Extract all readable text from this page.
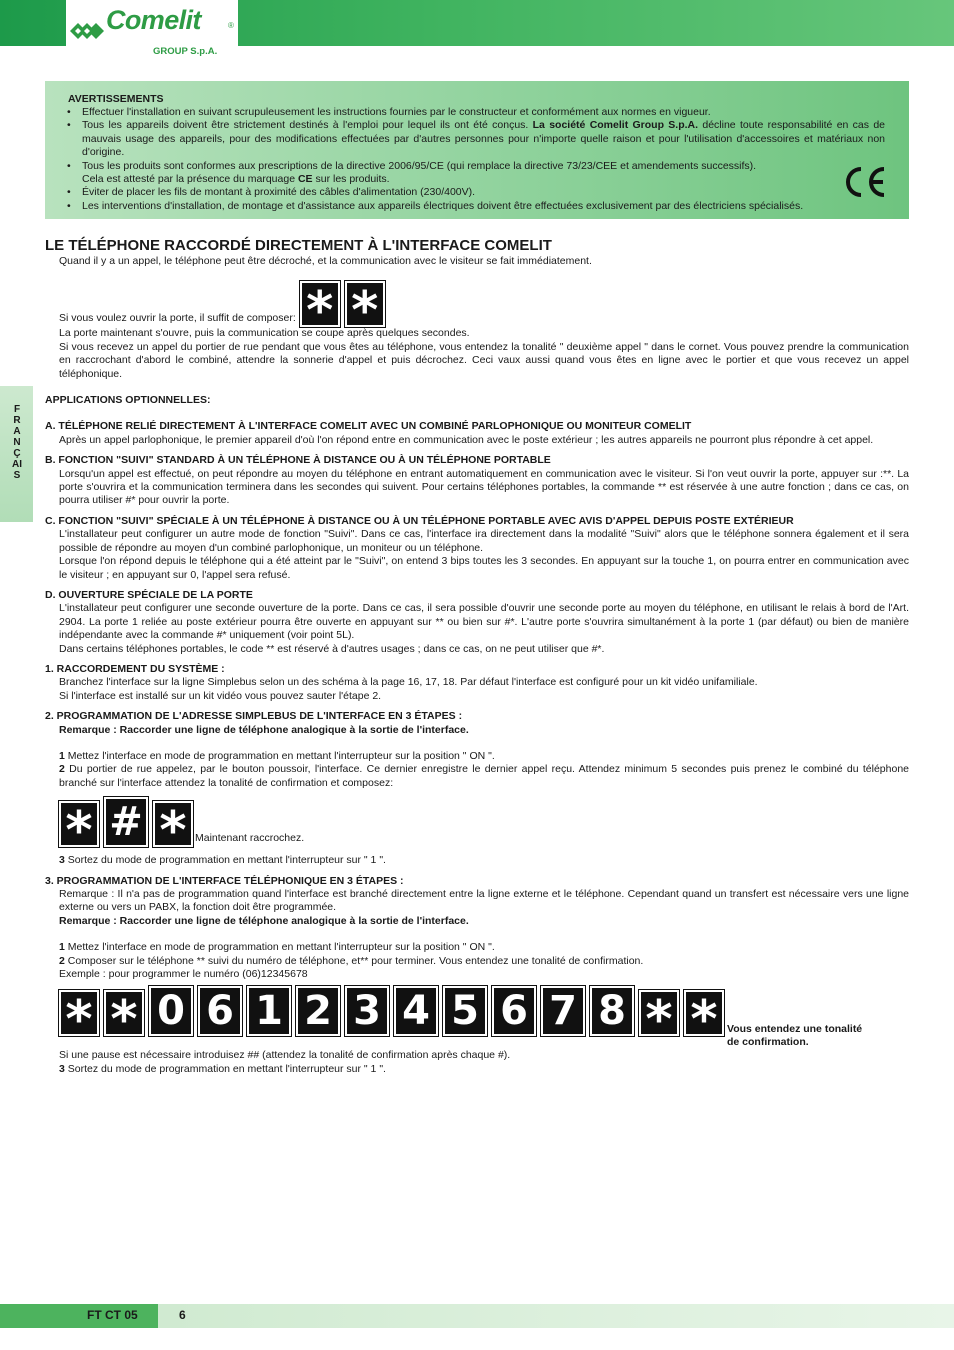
Comelit	®
GROUP S.p.A.
AVERTISSEMENTS
• Effectuer l'installation en suivant scrupuleusement les instructions fournies par le constructeur et conformément aux normes en vigueur.
• Tous les appareils doivent être strictement destinés à l'emploi pour lequel ils ont été conçus. La société Comelit Group S.p.A. décline toute responsabilité en cas de mauvais usage des appareils, pour des modifications effectuées par d'autres personnes pour n'importe quelle raison et pour l'utilisation d'accessoires et matériaux non d'origine.
• Tous les produits sont conformes aux prescriptions de la directive 2006/95/CE (qui remplace la directive 73/23/CEE et amendements successifs).
Cela est attesté par la présence du marquage CE sur les produits.
• Éviter de placer les fils de montant à proximité des câbles d'alimentation (230/400V).
• Les interventions d'installation, de montage et d'assistance aux appareils électriques doivent être effectuées exclusivement par des électriciens spécialisés.
FRANÇAIS
LE TÉLÉPHONE RACCORDÉ DIRECTEMENT À L'INTERFACE COMELIT
Quand il y a un appel, le téléphone peut être décroché, et la communication avec le visiteur se fait immédiatement.
Si vous voulez ouvrir la porte, il suffit de composer: * *
La porte maintenant s'ouvre, puis la communication se coupe après quelques secondes.
Si vous recevez un appel du portier de rue pendant que vous êtes au téléphone, vous entendez la tonalité " deuxième appel " dans le cornet. Vous pouvez prendre la communication en raccrochant d'abord le combiné, attendre la sonnerie d'appel et puis décrochez. Ceci vaux aussi quand vous êtes en ligne avec le portier et que vous recevez un appel téléphonique.
APPLICATIONS OPTIONNELLES:
A. TÉLÉPHONE RELIÉ DIRECTEMENT À L'INTERFACE COMELIT AVEC UN COMBINÉ PARLOPHONIQUE OU MONITEUR COMELIT
Après un appel parlophonique, le premier appareil d'où l'on répond entre en communication avec le poste extérieur ; les autres appareils ne pourront plus répondre à cet appel.
B. FONCTION "SUIVI" STANDARD À UN TÉLÉPHONE À DISTANCE OU À UN TÉLÉPHONE PORTABLE
Lorsqu'un appel est effectué, on peut répondre au moyen du téléphone en entrant automatiquement en communication avec le visiteur. Si l'on veut ouvrir la porte, appuyer sur :**. La porte s'ouvrira et la communication terminera dans les secondes qui suivent. Pour certains téléphones portables, la commande ** est réservée à une autre fonction ; dans ce cas, on pourra utiliser #* pour ouvrir la porte.
C. FONCTION "SUIVI" SPÉCIALE À UN TÉLÉPHONE À DISTANCE OU À UN TÉLÉPHONE PORTABLE AVEC AVIS D'APPEL DEPUIS POSTE EXTÉRIEUR
L'installateur peut configurer un autre mode de fonction "Suivi". Dans ce cas, l'interface ira directement dans la modalité "Suivi" alors que le téléphone sonnera également et il sera possible de répondre au moyen d'un combiné parlophonique, un moniteur ou un téléphone.
Lorsque l'on répond depuis le téléphone qui a été atteint par le "Suivi", on entend 3 bips toutes les 3 secondes. En appuyant sur la touche 1, on pourra entrer en communication avec le visiteur ; en appuyant sur 0, l'appel sera refusé.
D. OUVERTURE SPÉCIALE DE LA PORTE
L'installateur peut configurer une seconde ouverture de la porte. Dans ce cas, il sera possible d'ouvrir une seconde porte au moyen du téléphone, en utilisant le relais à bord de l'Art. 2904. La porte 1 reliée au poste extérieur pourra être ouverte en appuyant sur ** ou bien sur #*. L'autre porte s'ouvrira simultanément à la porte 1 (par défaut) ou bien de manière indépendante avec la commande #* uniquement (voir point 5L).
Dans certains téléphones portables, le code ** est réservé à d'autres usages ; dans ce cas, on ne peut utiliser que #*.
1. RACCORDEMENT DU SYSTÈME :
Branchez l'interface sur la ligne Simplebus selon un des schéma à la page 16, 17, 18. Par défaut l'interface est configuré pour un kit vidéo unifamiliale.
Si l'interface est installé sur un kit vidéo vous pouvez sauter l'étape 2.
2. PROGRAMMATION DE L'ADRESSE SIMPLEBUS DE L'INTERFACE EN 3 ÉTAPES :
Remarque : Raccorder une ligne de téléphone analogique à la sortie de l'interface.
1 Mettez l'interface en mode de programmation en mettant l'interrupteur sur la position " ON ".
2 Du portier de rue appelez, par le bouton poussoir, l'interface. Ce dernier enregistre le dernier appel reçu. Attendez minimum 5 secondes puis prenez le combiné du téléphone branché sur l'interface attendez la tonalité de confirmation et composez:
* # * Maintenant raccrochez.
3 Sortez du mode de programmation en mettant l'interrupteur sur " 1 ".
3. PROGRAMMATION DE L'INTERFACE TÉLÉPHONIQUE EN 3 ÉTAPES :
Remarque : Il n'a pas de programmation quand l'interface est branché directement entre la ligne externe et le téléphone. Cependant quand un transfert est nécessaire vers une ligne externe ou vers un PABX, la fonction doit être programmée.
Remarque : Raccorder une ligne de téléphone analogique à la sortie de l'interface.
1 Mettez l'interface en mode de programmation en mettant l'interrupteur sur la position " ON ".
2 Composer sur le téléphone ** suivi du numéro de téléphone, et** pour terminer. Vous entendez une tonalité de confirmation.
Exemple : pour programmer le numéro (06)12345678
* * 0 6 1 2 3 4 5 6 7 8 * * Vous entendez une tonalité
de confirmation.
Si une pause est nécessaire introduisez ## (attendez la tonalité de confirmation après chaque #).
3 Sortez du mode de programmation en mettant l'interrupteur sur " 1 ".
FT CT 05	6
